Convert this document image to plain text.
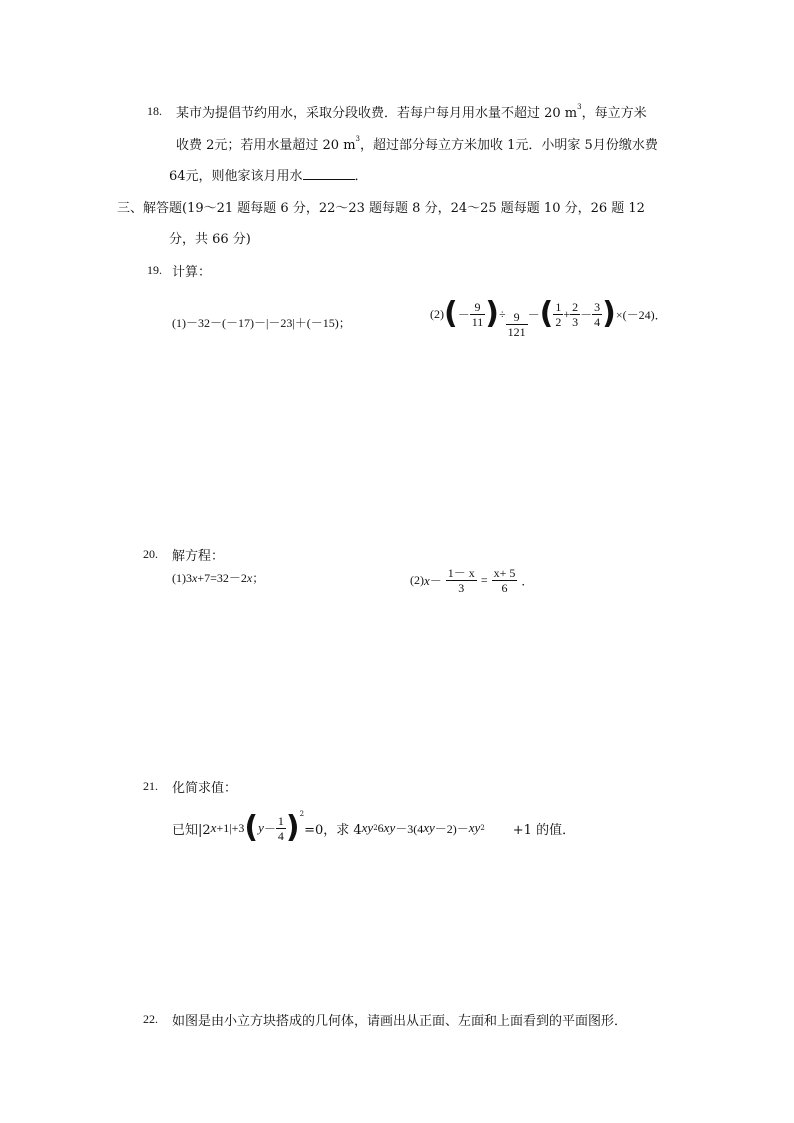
18. 某市为提倡节约用水，采取分段收费．若每户每月用水量不超过 20 $m^3$，每立方米
收费 2元；若用水量超过 20 $m^3$，超过部分每立方米加收 1元．小明家 5月份缴水费
64元，则他家该月用水	．
三、解答题(19～21 题每题 6 分，22～23 题每题 8 分，24～25 题每题 10 分，26 题 12
分，共 66 分)
19. 计算：
(1)－32－(－17)－|－23|＋(－15)；
(2) ( － $\frac{9}{11}$ ) ÷ $\frac{9}{121}$ － ( $\frac{1}{2} + \frac{2}{3} - \frac{3}{4}$ ) ×(－24)．
20. 解方程：
(1)3x+7=32－2x；	(2) $x - \frac{1- x}{3} = \frac{x+ 5}{6}$ ．
21. 化简求值：
已知|2 x +1|+3 ( $y - \frac{1}{4} )^2$
=0，求 4 xy 2 6 xy －3(4 xy －2)－ xy 2 +1 的值．
22. 如图是由小立方块搭成的几何体，请画出从正面、左面和上面看到的平面图形．
